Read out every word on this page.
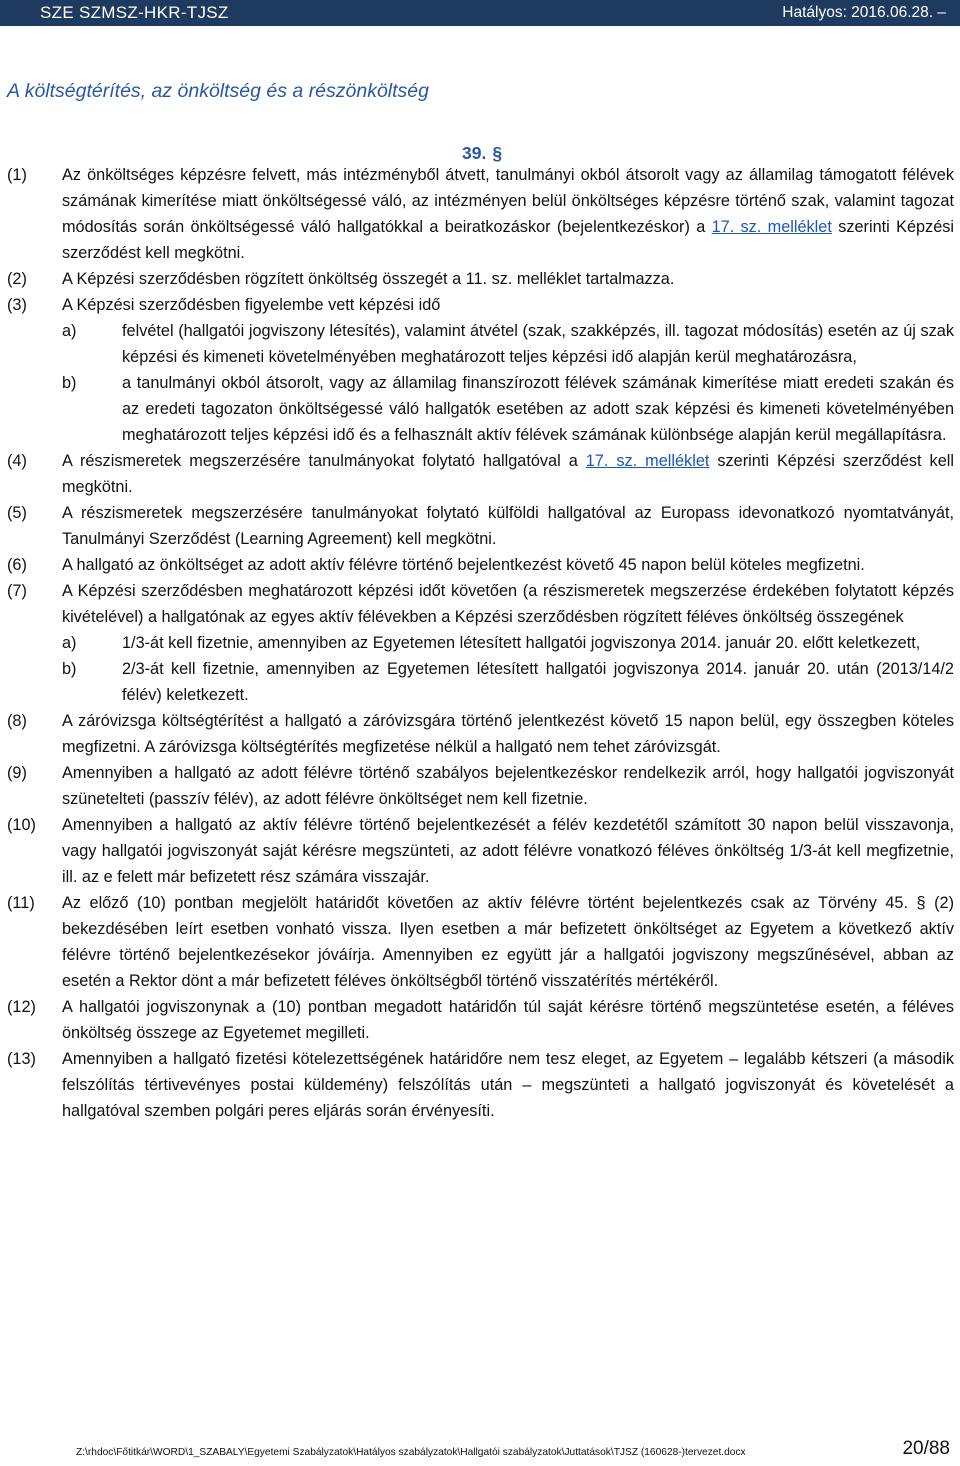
SZE SZMSZ-HKR-TJSZ	Hatályos: 2016.06.28. –
A költségtérítés, az önköltség és a részönköltség
39. §
(1) Az önköltséges képzésre felvett, más intézményből átvett, tanulmányi okból átsorolt vagy az államilag támogatott félévek számának kimerítése miatt önköltségessé váló, az intézményen belül önköltséges képzésre történő szak, valamint tagozat módosítás során önköltségessé váló hallgatókkal a beiratkozáskor (bejelentkezéskor) a 17. sz. melléklet szerinti Képzési szerződést kell megkötni.
(2) A Képzési szerződésben rögzített önköltség összegét a 11. sz. melléklet tartalmazza.
(3) A Képzési szerződésben figyelembe vett képzési idő
a)	felvétel (hallgatói jogviszony létesítés), valamint átvétel (szak, szakképzés, ill. tagozat módosítás) esetén az új szak képzési és kimeneti követelményében meghatározott teljes képzési idő alapján kerül meghatározásra,
b)	a tanulmányi okból átsorolt, vagy az államilag finanszírozott félévek számának kimerítése miatt eredeti szakán és az eredeti tagozaton önköltségessé váló hallgatók esetében az adott szak képzési és kimeneti követelményében meghatározott teljes képzési idő és a felhasznált aktív félévek számának különbsége alapján kerül megállapításra.
(4) A részismeretek megszerzésére tanulmányokat folytató hallgatóval a 17. sz. melléklet szerinti Képzési szerződést kell megkötni.
(5) A részismeretek megszerzésére tanulmányokat folytató külföldi hallgatóval az Europass idevonatkozó nyomtatványát, Tanulmányi Szerződést (Learning Agreement) kell megkötni.
(6) A hallgató az önköltséget az adott aktív félévre történő bejelentkezést követő 45 napon belül köteles megfizetni.
(7) A Képzési szerződésben meghatározott képzési időt követően (a részismeretek megszerzése érdekében folytatott képzés kivételével) a hallgatónak az egyes aktív félévekben a Képzési szerződésben rögzített féléves önköltség összegének
a)	1/3-át kell fizetnie, amennyiben az Egyetemen létesített hallgatói jogviszonya 2014. január 20. előtt keletkezett,
b)	2/3-át kell fizetnie, amennyiben az Egyetemen létesített hallgatói jogviszonya 2014. január 20. után (2013/14/2 félév) keletkezett.
(8) A záróvizsga költségtérítést a hallgató a záróvizsgára történő jelentkezést követő 15 napon belül, egy összegben köteles megfizetni. A záróvizsga költségtérítés megfizetése nélkül a hallgató nem tehet záróvizsgát.
(9) Amennyiben a hallgató az adott félévre történő szabályos bejelentkezéskor rendelkezik arról, hogy hallgatói jogviszonyát szünetelteti (passzív félév), az adott félévre önköltséget nem kell fizetnie.
(10) Amennyiben a hallgató az aktív félévre történő bejelentkezését a félév kezdetétől számított 30 napon belül visszavonja, vagy hallgatói jogviszonyát saját kérésre megszünteti, az adott félévre vonatkozó féléves önköltség 1/3-át kell megfizetnie, ill. az e felett már befizetett rész számára visszajár.
(11) Az előző (10) pontban megjelölt határidőt követően az aktív félévre történt bejelentkezés csak az Törvény 45. § (2) bekezdésében leírt esetben vonható vissza. Ilyen esetben a már befizetett önköltséget az Egyetem a következő aktív félévre történő bejelentkezésekor jóváírja. Amennyiben ez együtt jár a hallgatói jogviszony megszűnésével, abban az esetén a Rektor dönt a már befizetett féléves önköltségből történő visszatérítés mértékéről.
(12) A hallgatói jogviszonynak a (10) pontban megadott határidőn túl saját kérésre történő megszüntetése esetén, a féléves önköltség összege az Egyetemet megilleti.
(13) Amennyiben a hallgató fizetési kötelezettségének határidőre nem tesz eleget, az Egyetem – legalább kétszeri (a második felszólítás tértivevényes postai küldemény) felszólítás után – megszünteti a hallgató jogviszonyát és követelését a hallgatóval szemben polgári peres eljárás során érvényesíti.
Z:\rhdoc\Főtitkár\WORD\1_SZABALY\Egyetemi Szabályzatok\Hatályos szabályzatok\Hallgatói szabályzatok\Juttatások\TJSZ (160628-)tervezet.docx	20/88
